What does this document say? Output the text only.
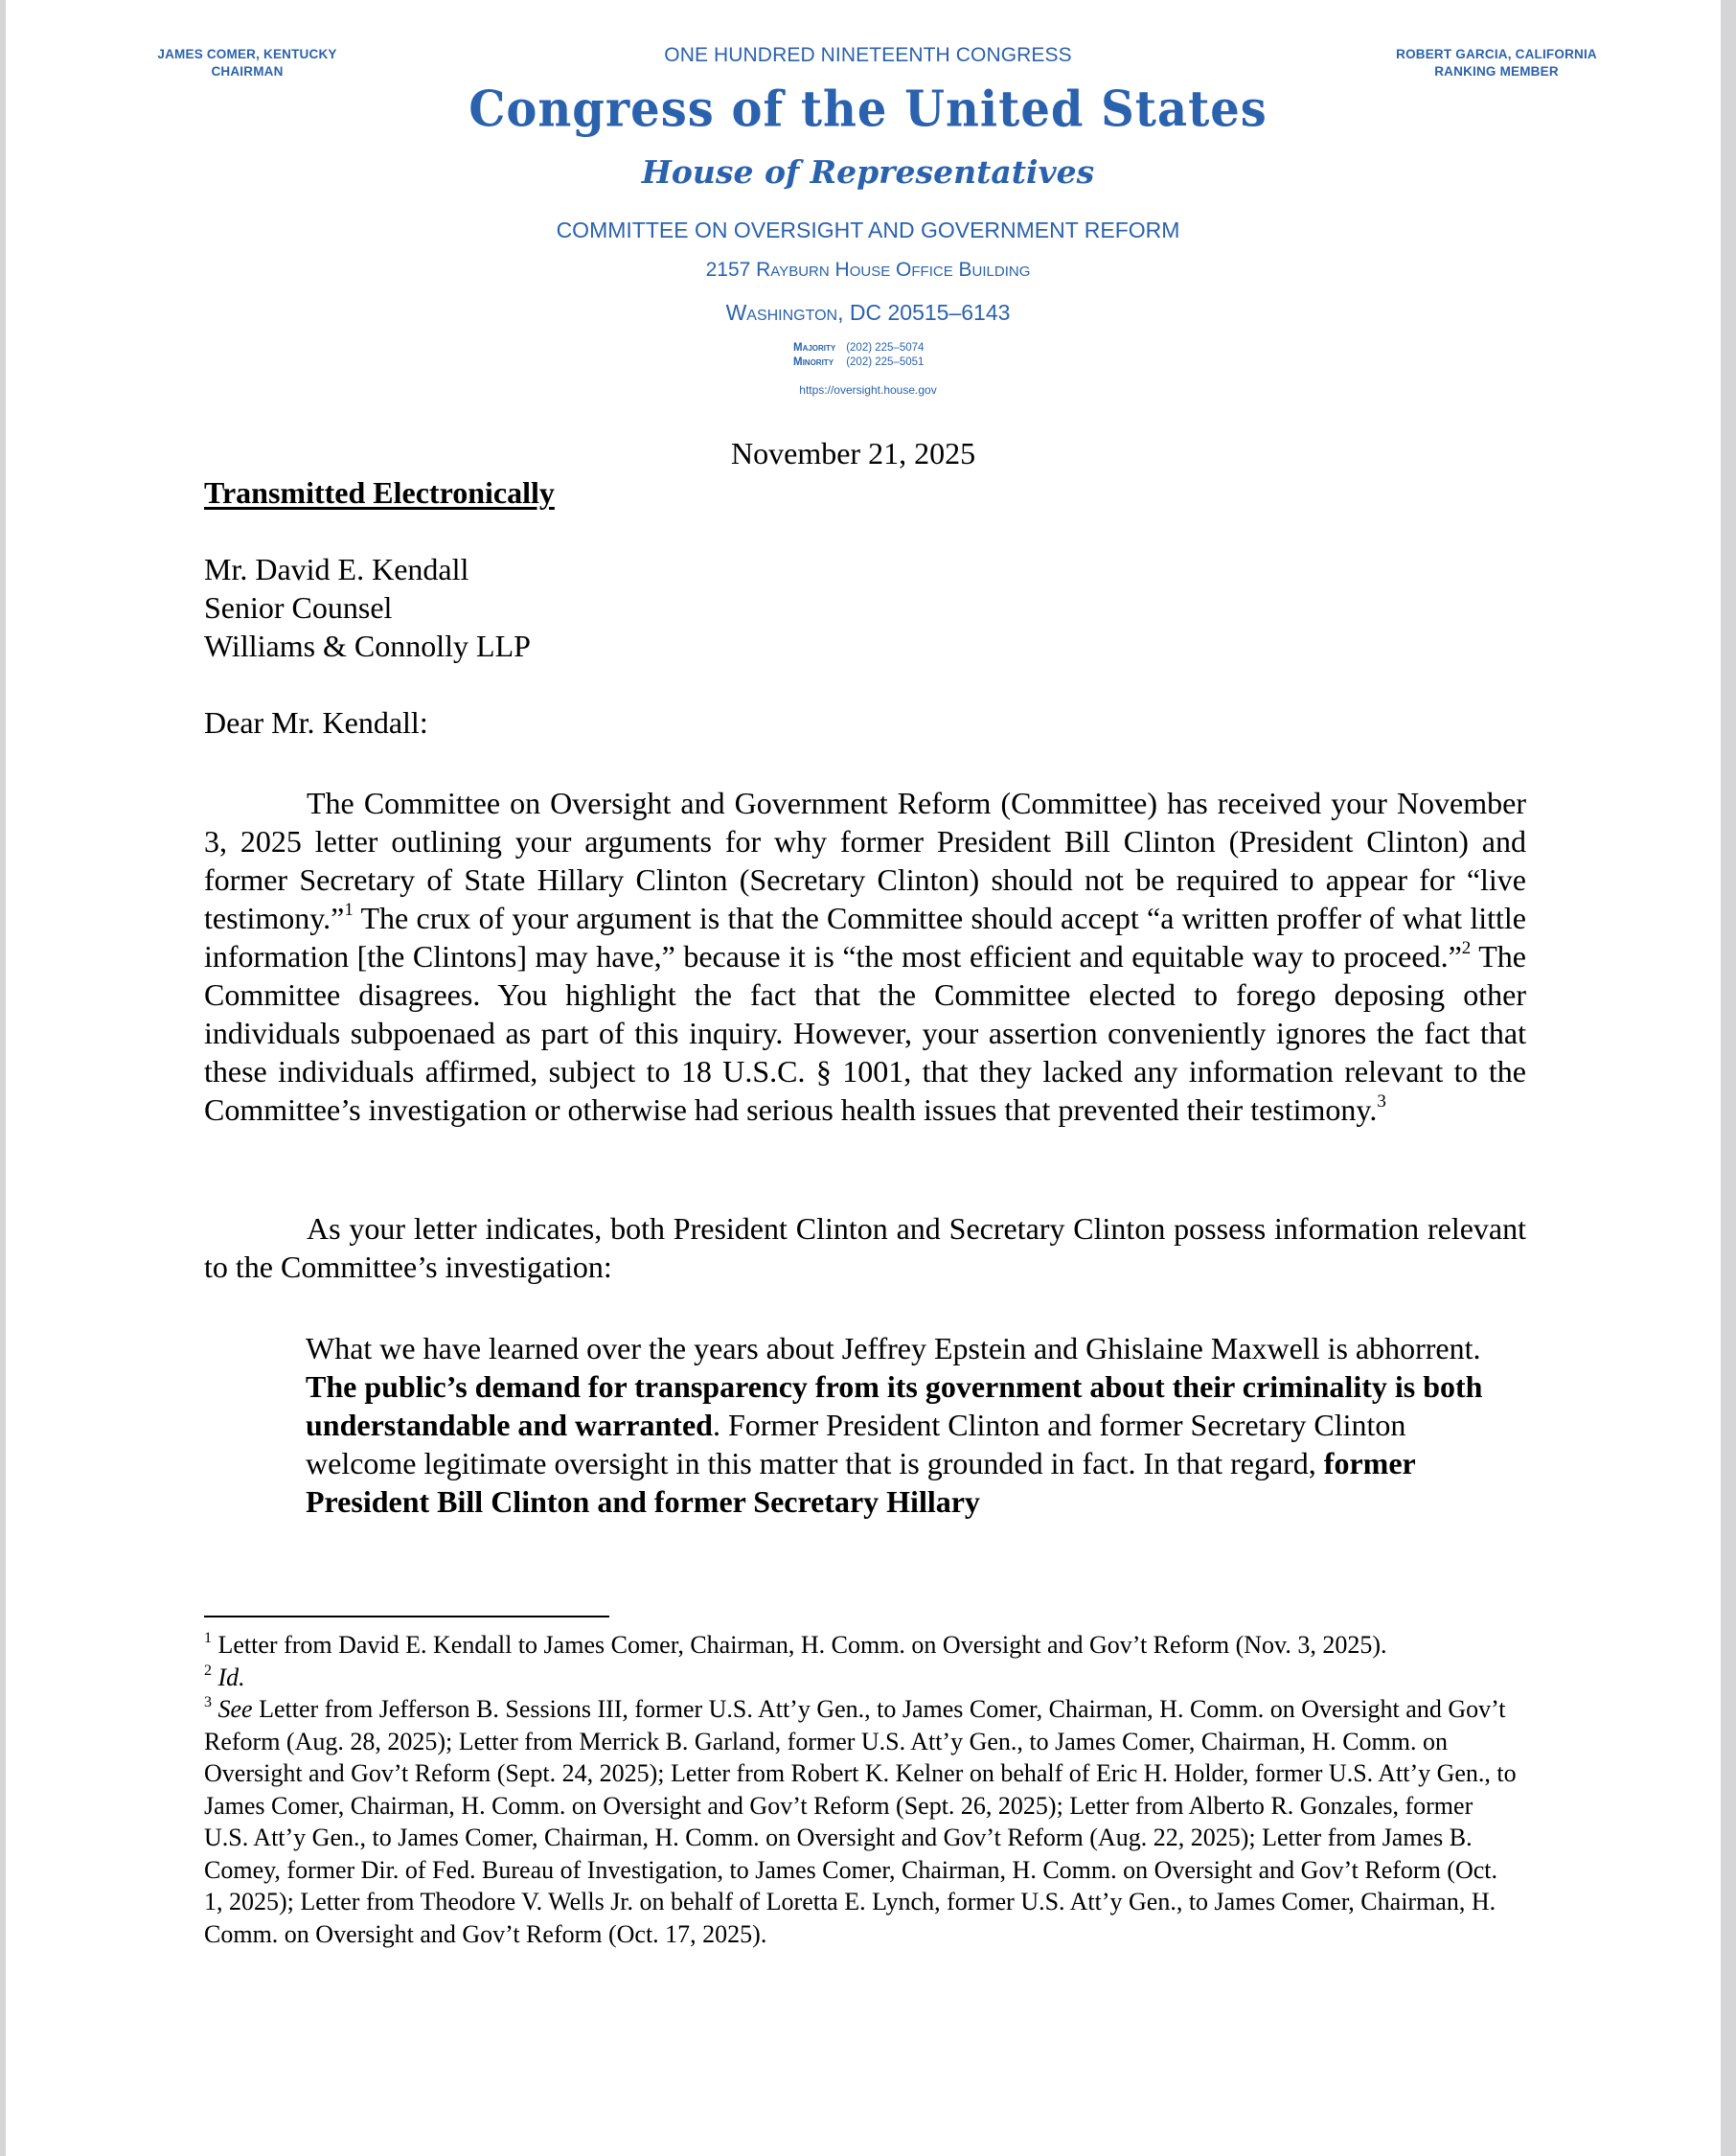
JAMES COMER, KENTUCKY
CHAIRMAN
ROBERT GARCIA, CALIFORNIA
RANKING MEMBER
ONE HUNDRED NINETEENTH CONGRESS
Congress of the United States
House of Representatives
COMMITTEE ON OVERSIGHT AND GOVERNMENT REFORM
2157 Rayburn House Office Building
Washington, DC 20515–6143
Majority (202) 225–5074
Minority (202) 225–5051
https://oversight.house.gov
November 21, 2025
Transmitted Electronically
Mr. David E. Kendall
Senior Counsel
Williams & Connolly LLP
Dear Mr. Kendall:
The Committee on Oversight and Government Reform (Committee) has received your November 3, 2025 letter outlining your arguments for why former President Bill Clinton (President Clinton) and former Secretary of State Hillary Clinton (Secretary Clinton) should not be required to appear for “live testimony.”$^1$ The crux of your argument is that the Committee should accept “a written proffer of what little information [the Clintons] may have,” because it is “the most efficient and equitable way to proceed.”$^2$ The Committee disagrees. You highlight the fact that the Committee elected to forego deposing other individuals subpoenaed as part of this inquiry. However, your assertion conveniently ignores the fact that these individuals affirmed, subject to 18 U.S.C. § 1001, that they lacked any information relevant to the Committee’s investigation or otherwise had serious health issues that prevented their testimony.$^3$
As your letter indicates, both President Clinton and Secretary Clinton possess information relevant to the Committee’s investigation:
What we have learned over the years about Jeffrey Epstein and Ghislaine Maxwell is abhorrent. The public’s demand for transparency from its government about their criminality is both understandable and warranted. Former President Clinton and former Secretary Clinton welcome legitimate oversight in this matter that is grounded in fact. In that regard, former President Bill Clinton and former Secretary Hillary

$^1$ Letter from David E. Kendall to James Comer, Chairman, H. Comm. on Oversight and Gov’t Reform (Nov. 3, 2025).

$^2$ Id.

$^3$ See Letter from Jefferson B. Sessions III, former U.S. Att’y Gen., to James Comer, Chairman, H. Comm. on Oversight and Gov’t Reform (Aug. 28, 2025); Letter from Merrick B. Garland, former U.S. Att’y Gen., to James Comer, Chairman, H. Comm. on Oversight and Gov’t Reform (Sept. 24, 2025); Letter from Robert K. Kelner on behalf of Eric H. Holder, former U.S. Att’y Gen., to James Comer, Chairman, H. Comm. on Oversight and Gov’t Reform (Sept. 26, 2025); Letter from Alberto R. Gonzales, former U.S. Att’y Gen., to James Comer, Chairman, H. Comm. on Oversight and Gov’t Reform (Aug. 22, 2025); Letter from James B. Comey, former Dir. of Fed. Bureau of Investigation, to James Comer, Chairman, H. Comm. on Oversight and Gov’t Reform (Oct. 1, 2025); Letter from Theodore V. Wells Jr. on behalf of Loretta E. Lynch, former U.S. Att’y Gen., to James Comer, Chairman, H. Comm. on Oversight and Gov’t Reform (Oct. 17, 2025).
